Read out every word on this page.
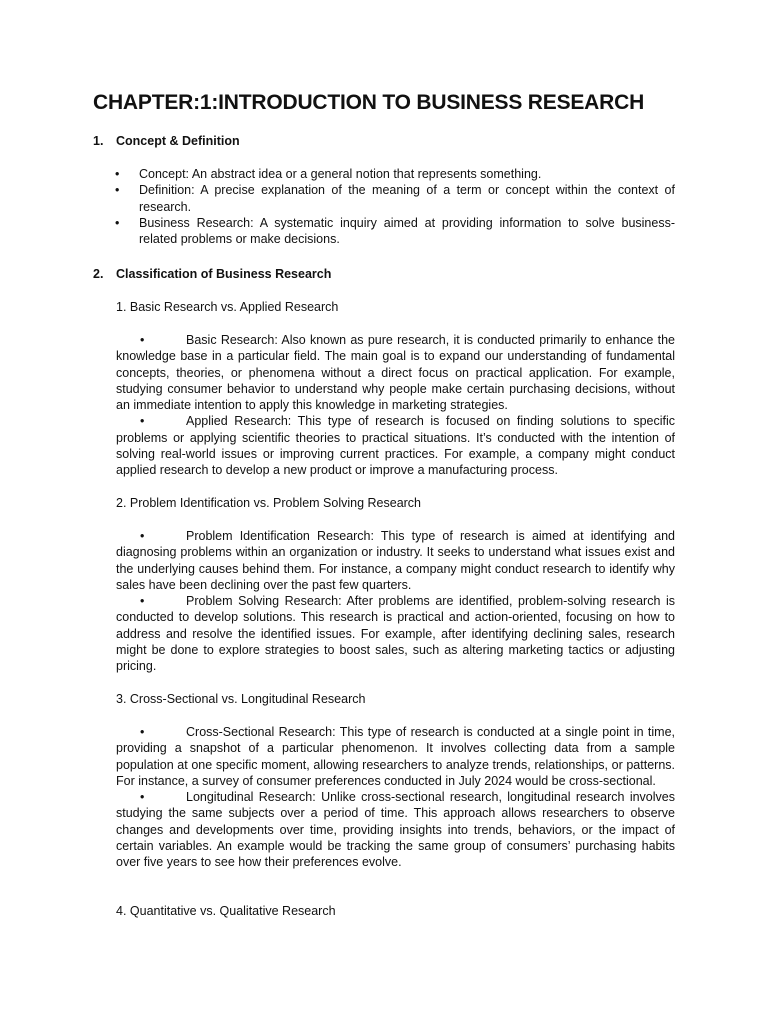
CHAPTER:1:INTRODUCTION TO BUSINESS RESEARCH
1. Concept & Definition
• Concept: An abstract idea or a general notion that represents something.
• Definition: A precise explanation of the meaning of a term or concept within the context of research.
• Business Research: A systematic inquiry aimed at providing information to solve business-related problems or make decisions.
2. Classification of Business Research
1. Basic Research vs. Applied Research

•	Basic Research: Also known as pure research, it is conducted primarily to enhance the knowledge base in a particular field. The main goal is to expand our understanding of fundamental concepts, theories, or phenomena without a direct focus on practical application. For example, studying consumer behavior to understand why people make certain purchasing decisions, without an immediate intention to apply this knowledge in marketing strategies.

•	Applied Research: This type of research is focused on finding solutions to specific problems or applying scientific theories to practical situations. It’s conducted with the intention of solving real-world issues or improving current practices. For example, a company might conduct applied research to develop a new product or improve a manufacturing process.

2. Problem Identification vs. Problem Solving Research

•	Problem Identification Research: This type of research is aimed at identifying and diagnosing problems within an organization or industry. It seeks to understand what issues exist and the underlying causes behind them. For instance, a company might conduct research to identify why sales have been declining over the past few quarters.

•	Problem Solving Research: After problems are identified, problem-solving research is conducted to develop solutions. This research is practical and action-oriented, focusing on how to address and resolve the identified issues. For example, after identifying declining sales, research might be done to explore strategies to boost sales, such as altering marketing tactics or adjusting pricing.

3. Cross-Sectional vs. Longitudinal Research

•	Cross-Sectional Research: This type of research is conducted at a single point in time, providing a snapshot of a particular phenomenon. It involves collecting data from a sample population at one specific moment, allowing researchers to analyze trends, relationships, or patterns. For instance, a survey of consumer preferences conducted in July 2024 would be cross-sectional.

•	Longitudinal Research: Unlike cross-sectional research, longitudinal research involves studying the same subjects over a period of time. This approach allows researchers to observe changes and developments over time, providing insights into trends, behaviors, or the impact of certain variables. An example would be tracking the same group of consumers’ purchasing habits over five years to see how their preferences evolve.

4. Quantitative vs. Qualitative Research
